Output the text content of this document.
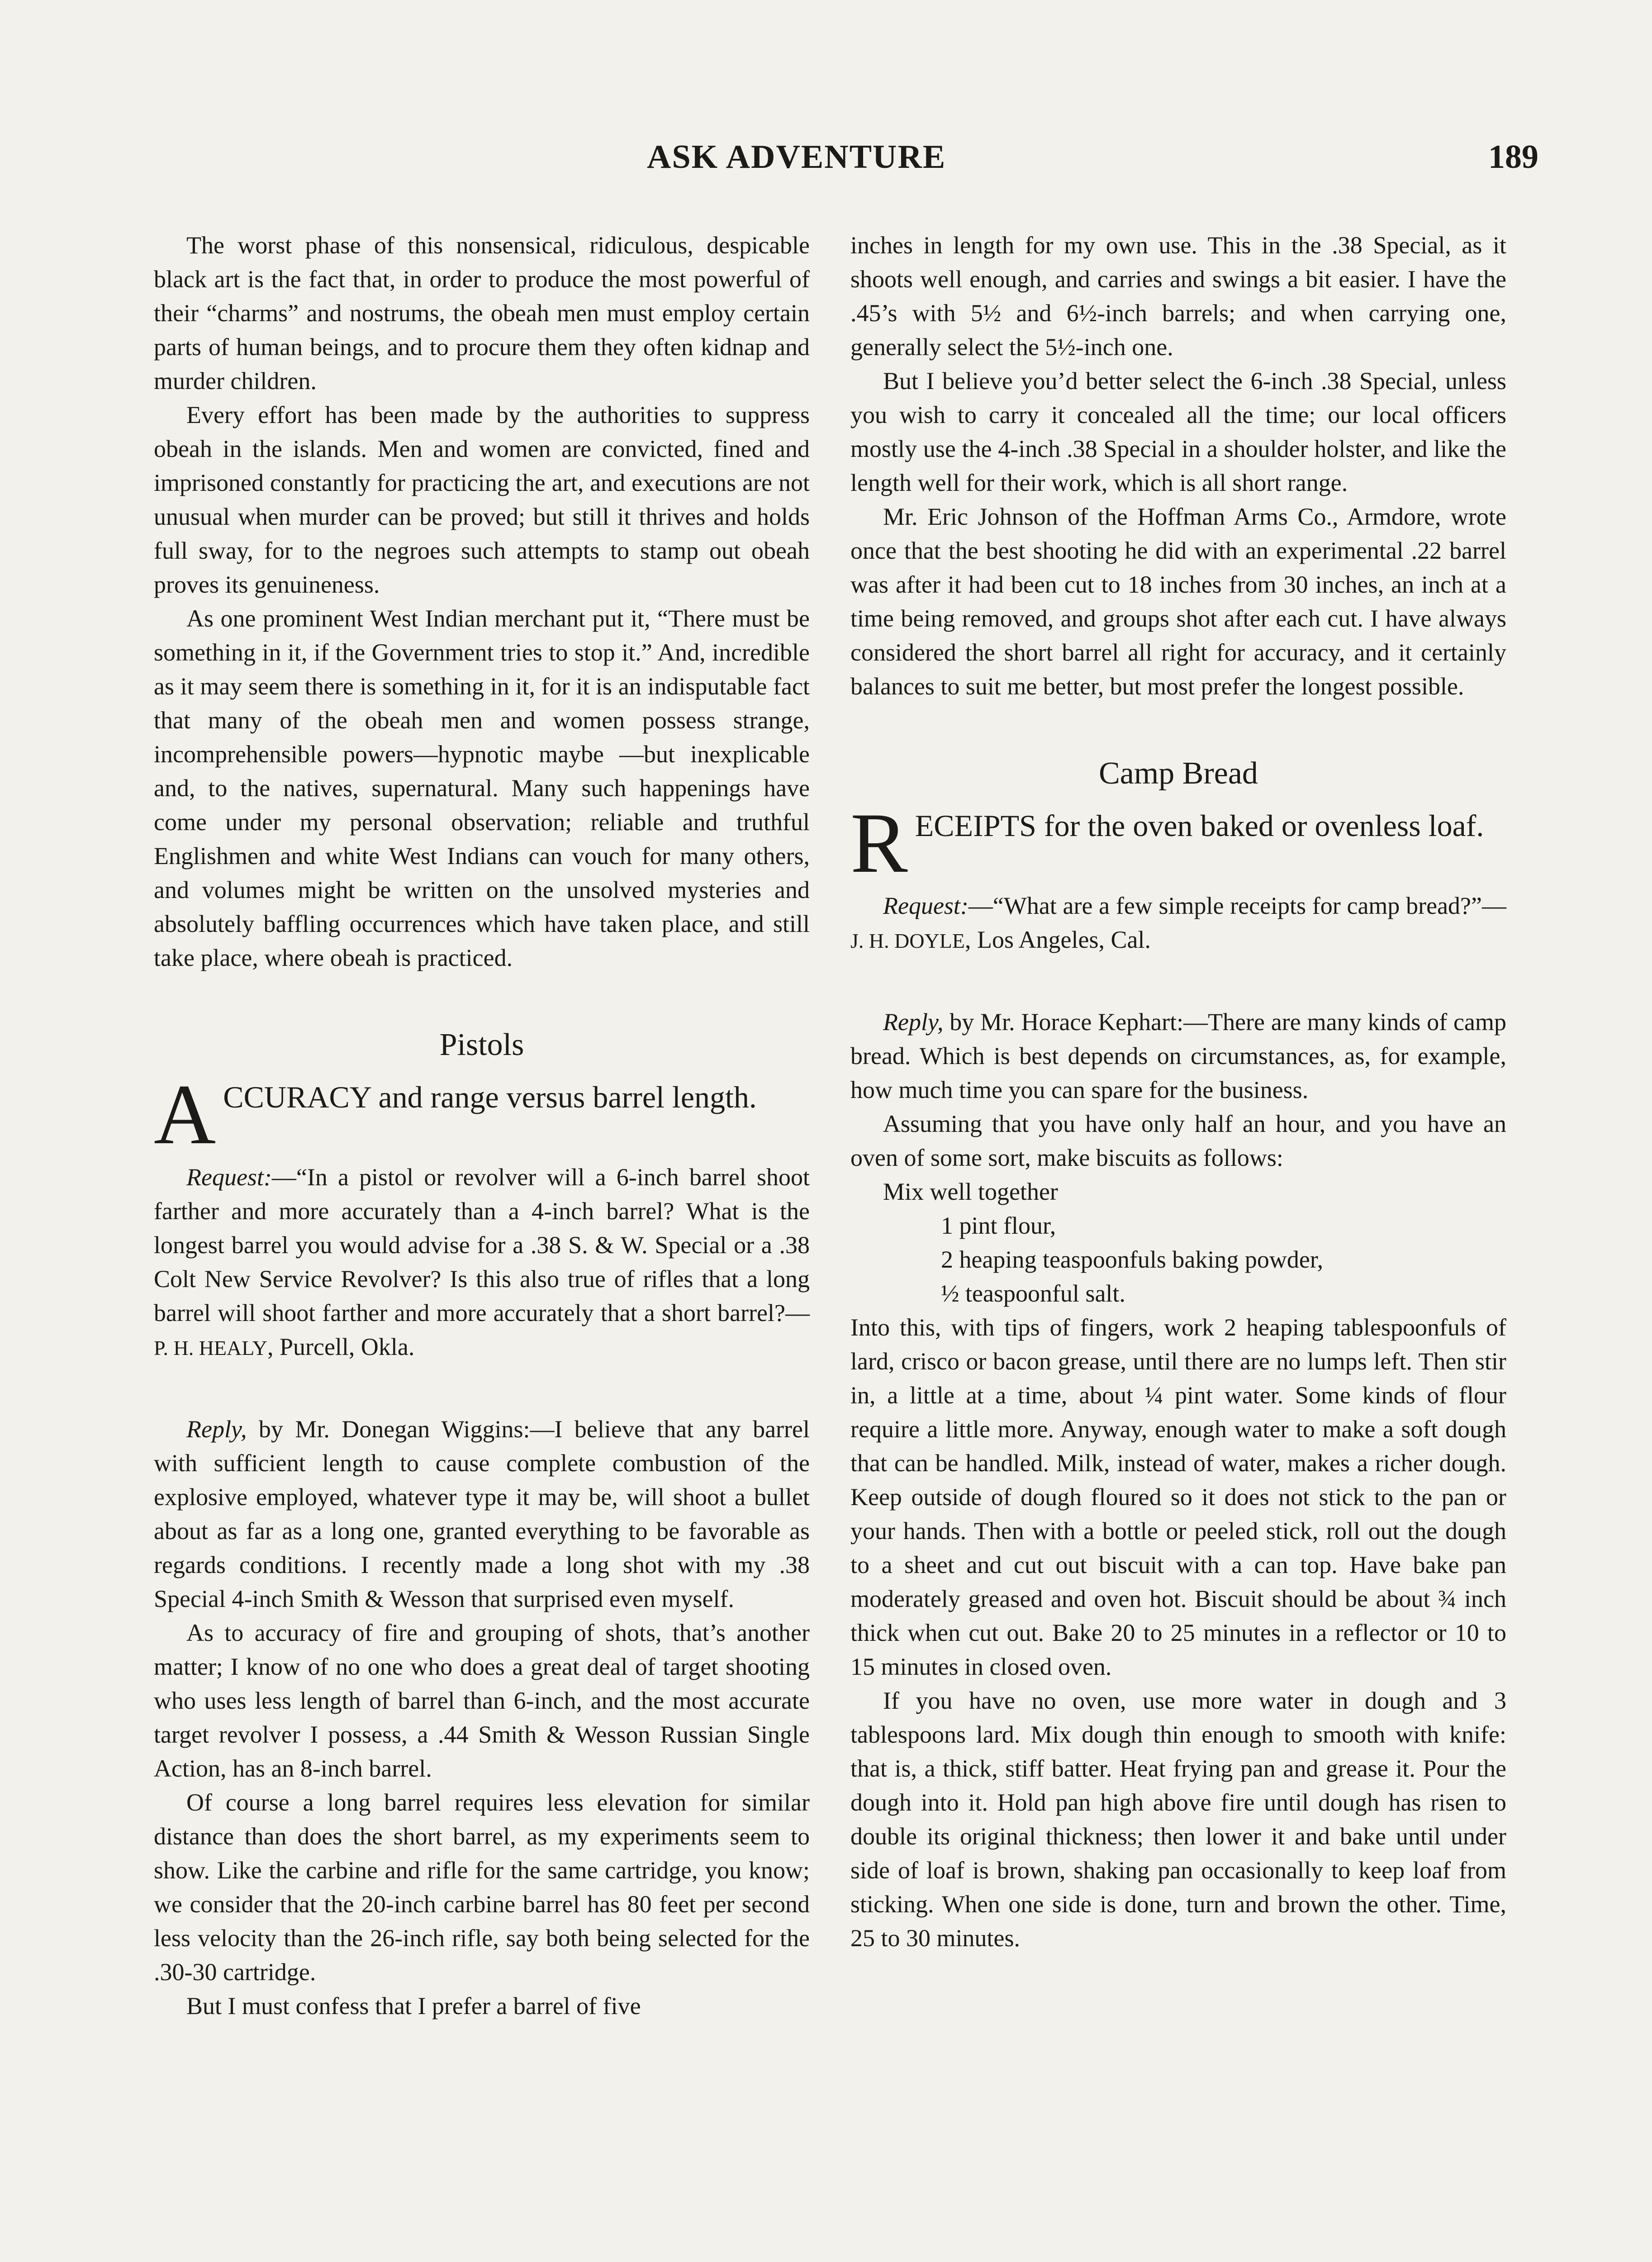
ASK ADVENTURE	189

The worst phase of this nonsensical, ridiculous, despicable black art is the fact that, in order to produce the most powerful of their “charms” and nostrums, the obeah men must employ certain parts of human beings, and to procure them they often kidnap and murder children.

Every effort has been made by the authorities to suppress obeah in the islands. Men and women are convicted, fined and imprisoned constantly for practicing the art, and executions are not unusual when murder can be proved; but still it thrives and holds full sway, for to the negroes such attempts to stamp out obeah proves its genuineness.

As one prominent West Indian merchant put it, “There must be something in it, if the Government tries to stop it.” And, incredible as it may seem there is something in it, for it is an indisputable fact that many of the obeah men and women possess strange, incomprehensible powers—hypnotic maybe —but inexplicable and, to the natives, supernatural. Many such happenings have come under my personal observation; reliable and truthful Englishmen and white West Indians can vouch for many others, and volumes might be written on the unsolved mysteries and absolutely baffling occurrences which have taken place, and still take place, where obeah is practiced.

Pistols
ACCURACY and range versus barrel length.

Request:—“In a pistol or revolver will a 6-inch barrel shoot farther and more accurately than a 4-inch barrel? What is the longest barrel you would advise for a .38 S. & W. Special or a .38 Colt New Service Revolver? Is this also true of rifles that a long barrel will shoot farther and more accurately that a short barrel?—P. H. HEALY, Purcell, Okla.

Reply, by Mr. Donegan Wiggins:—I believe that any barrel with sufficient length to cause complete combustion of the explosive employed, whatever type it may be, will shoot a bullet about as far as a long one, granted everything to be favorable as regards conditions. I recently made a long shot with my .38 Special 4-inch Smith & Wesson that surprised even myself.

As to accuracy of fire and grouping of shots, that’s another matter; I know of no one who does a great deal of target shooting who uses less length of barrel than 6-inch, and the most accurate target revolver I possess, a .44 Smith & Wesson Russian Single Action, has an 8-inch barrel.

Of course a long barrel requires less elevation for similar distance than does the short barrel, as my experiments seem to show. Like the carbine and rifle for the same cartridge, you know; we consider that the 20-inch carbine barrel has 80 feet per second less velocity than the 26-inch rifle, say both being selected for the .30-30 cartridge.

But I must confess that I prefer a barrel of five

inches in length for my own use. This in the .38 Special, as it shoots well enough, and carries and swings a bit easier. I have the .45’s with 5½ and 6½-inch barrels; and when carrying one, generally select the 5½-inch one.

But I believe you’d better select the 6-inch .38 Special, unless you wish to carry it concealed all the time; our local officers mostly use the 4-inch .38 Special in a shoulder holster, and like the length well for their work, which is all short range.

Mr. Eric Johnson of the Hoffman Arms Co., Armdore, wrote once that the best shooting he did with an experimental .22 barrel was after it had been cut to 18 inches from 30 inches, an inch at a time being removed, and groups shot after each cut. I have always considered the short barrel all right for accuracy, and it certainly balances to suit me better, but most prefer the longest possible.

Camp Bread
RECEIPTS for the oven baked or ovenless loaf.

Request:—“What are a few simple receipts for camp bread?”—J. H. DOYLE, Los Angeles, Cal.

Reply, by Mr. Horace Kephart:—There are many kinds of camp bread. Which is best depends on circumstances, as, for example, how much time you can spare for the business.

Assuming that you have only half an hour, and you have an oven of some sort, make biscuits as follows:

Mix well together
1 pint flour,
2 heaping teaspoonfuls baking powder,
½ teaspoonful salt.

Into this, with tips of fingers, work 2 heaping tablespoonfuls of lard, crisco or bacon grease, until there are no lumps left. Then stir in, a little at a time, about ¼ pint water. Some kinds of flour require a little more. Anyway, enough water to make a soft dough that can be handled. Milk, instead of water, makes a richer dough. Keep outside of dough floured so it does not stick to the pan or your hands. Then with a bottle or peeled stick, roll out the dough to a sheet and cut out biscuit with a can top. Have bake pan moderately greased and oven hot. Biscuit should be about ¾ inch thick when cut out. Bake 20 to 25 minutes in a reflector or 10 to 15 minutes in closed oven.

If you have no oven, use more water in dough and 3 tablespoons lard. Mix dough thin enough to smooth with knife: that is, a thick, stiff batter. Heat frying pan and grease it. Pour the dough into it. Hold pan high above fire until dough has risen to double its original thickness; then lower it and bake until under side of loaf is brown, shaking pan occasionally to keep loaf from sticking. When one side is done, turn and brown the other. Time, 25 to 30 minutes.
